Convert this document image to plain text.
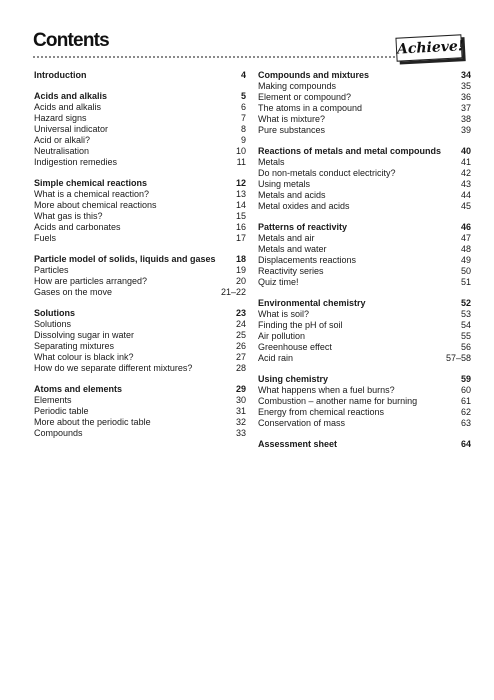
Contents	Achieve!
Introduction	4
Acids and alkalis	5
Acids and alkalis	6
Hazard signs	7
Universal indicator	8
Acid or alkali?	9
Neutralisation	10
Indigestion remedies	11
Simple chemical reactions	12
What is a chemical reaction?	13
More about chemical reactions	14
What gas is this?	15
Acids and carbonates	16
Fuels	17
Particle model of solids, liquids and gases 18
Particles	19
How are particles arranged?	20
Gases on the move	21–22
Solutions	23
Solutions	24
Dissolving sugar in water	25
Separating mixtures	26
What colour is black ink?	27
How do we separate different mixtures?	28
Atoms and elements	29
Elements	30
Periodic table	31
More about the periodic table	32
Compounds	33
Compounds and mixtures	34
Making compounds	35
Element or compound?	36
The atoms in a compound	37
What is mixture?	38
Pure substances	39
Reactions of metals and metal compounds 40
Metals	41
Do non-metals conduct electricity?	42
Using metals	43
Metals and acids	44
Metal oxides and acids	45
Patterns of reactivity	46
Metals and air	47
Metals and water	48
Displacements reactions	49
Reactivity series	50
Quiz time!	51
Environmental chemistry	52
What is soil?	53
Finding the pH of soil	54
Air pollution	55
Greenhouse effect	56
Acid rain	57–58
Using chemistry	59
What happens when a fuel burns?	60
Combustion – another name for burning	61
Energy from chemical reactions	62
Conservation of mass	63
Assessment sheet	64
